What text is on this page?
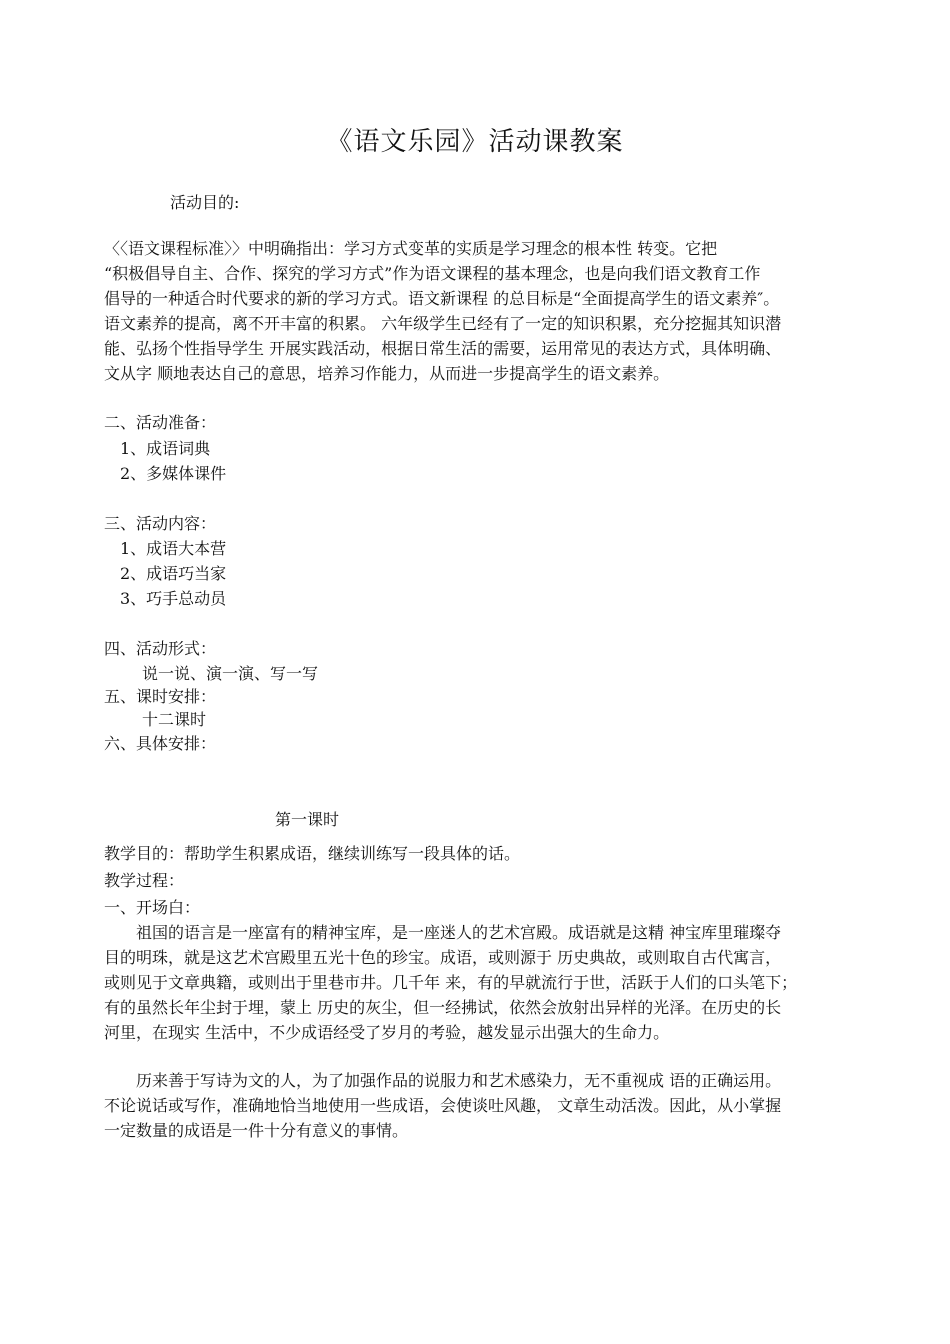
《语文乐园》活动课教案
活动目的:
〈〈语文课程标准〉〉中明确指出：学习方式变革的实质是学习理念的根本性 转变。它把
“积极倡导自主、合作、探究的学习方式”作为语文课程的基本理念，也是向我们语文教育工作
倡导的一种适合时代要求的新的学习方式。语文新课程 的总目标是“全面提高学生的语文素养″。
语文素养的提高，离不开丰富的积累。 六年级学生已经有了一定的知识积累，充分挖掘其知识潜
能、弘扬个性指导学生 开展实践活动，根据日常生活的需要，运用常见的表达方式，具体明确、
文从字 顺地表达自己的意思，培养习作能力，从而进一步提高学生的语文素养。
二、活动准备：
1、成语词典
2、多媒体课件
三、活动内容：
1、成语大本营
2、成语巧当家
3、巧手总动员
四、活动形式：
说一说、演一演、写一写
五、课时安排：
十二课时
六、具体安排：
第一课时
教学目的：帮助学生积累成语，继续训练写一段具体的话。
教学过程：
一、开场白：
　　祖国的语言是一座富有的精神宝库，是一座迷人的艺术宫殿。成语就是这精 神宝库里璀璨夺
目的明珠，就是这艺术宫殿里五光十色的珍宝。成语，或则源于 历史典故，或则取自古代寓言，
或则见于文章典籍，或则出于里巷市井。几千年 来，有的早就流行于世，活跃于人们的口头笔下；
有的虽然长年尘封于埋，蒙上 历史的灰尘，但一经拂试，依然会放射出异样的光泽。在历史的长
河里，在现实 生活中，不少成语经受了岁月的考验，越发显示出强大的生命力。
　　历来善于写诗为文的人，为了加强作品的说服力和艺术感染力，无不重视成 语的正确运用。
不论说话或写作，准确地恰当地使用一些成语，会使谈吐风趣， 文章生动活泼。因此，从小掌握
一定数量的成语是一件十分有意义的事情。
